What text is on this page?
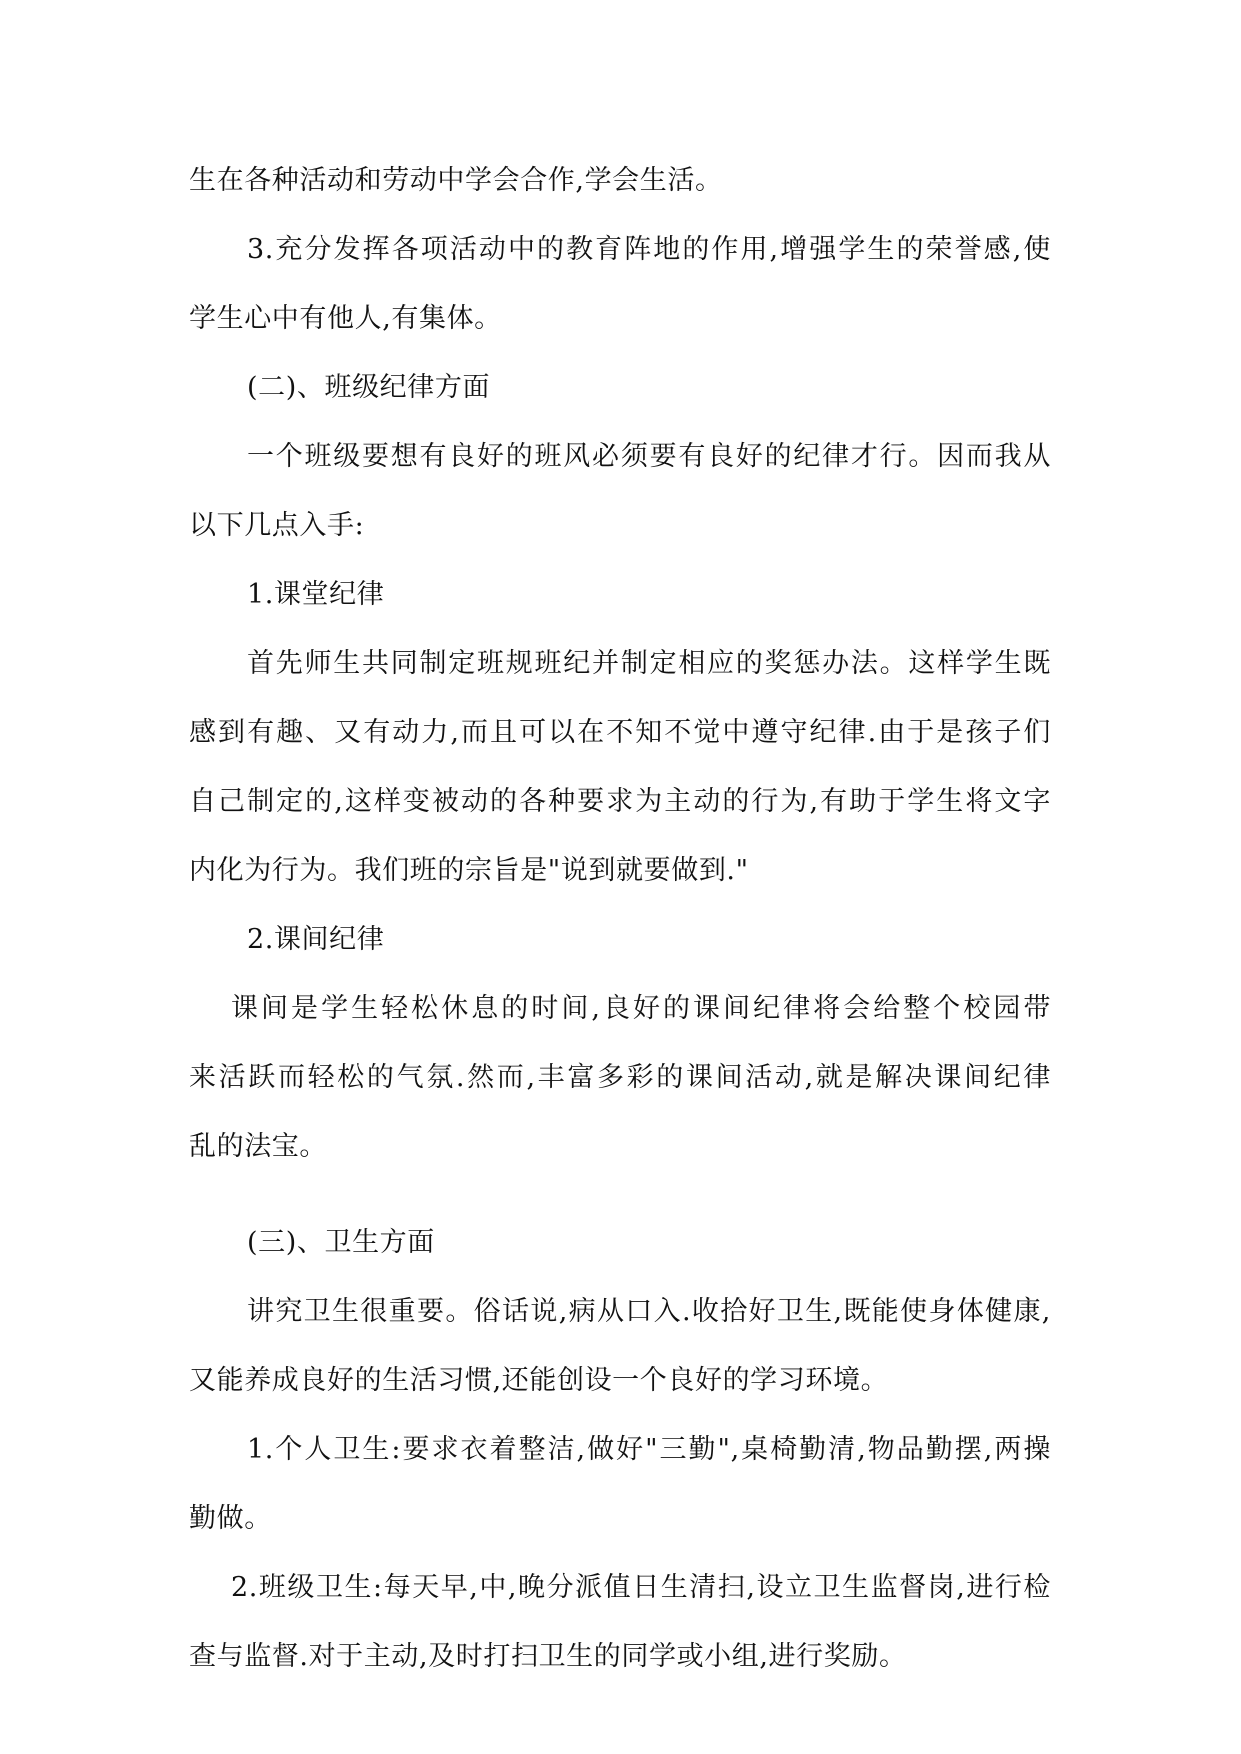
生在各种活动和劳动中学会合作,学会生活。
3.充分发挥各项活动中的教育阵地的作用,增强学生的荣誉感,使
学生心中有他人,有集体。
(二)、班级纪律方面
一个班级要想有良好的班风必须要有良好的纪律才行。因而我从
以下几点入手:
1.课堂纪律
首先师生共同制定班规班纪并制定相应的奖惩办法。这样学生既
感到有趣、又有动力,而且可以在不知不觉中遵守纪律.由于是孩子们
自己制定的,这样变被动的各种要求为主动的行为,有助于学生将文字
内化为行为。我们班的宗旨是"说到就要做到."
2.课间纪律
课间是学生轻松休息的时间,良好的课间纪律将会给整个校园带
来活跃而轻松的气氛.然而,丰富多彩的课间活动,就是解决课间纪律
乱的法宝。
(三)、卫生方面
讲究卫生很重要。俗话说,病从口入.收拾好卫生,既能使身体健康,
又能养成良好的生活习惯,还能创设一个良好的学习环境。
1.个人卫生:要求衣着整洁,做好"三勤",桌椅勤清,物品勤摆,两操
勤做。
2.班级卫生:每天早,中,晚分派值日生清扫,设立卫生监督岗,进行检
查与监督.对于主动,及时打扫卫生的同学或小组,进行奖励。
